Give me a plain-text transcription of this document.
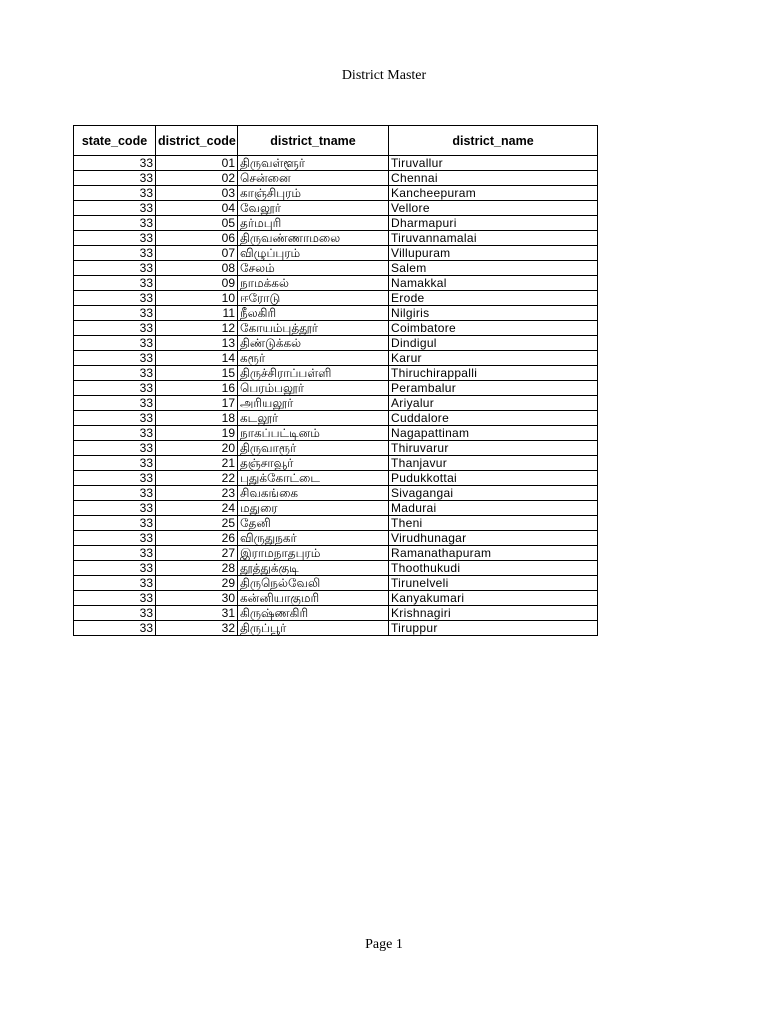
District Master
state_code	district_code	district_tname	district_name
33	01	திருவள்ளூர்	Tiruvallur
33	02	சென்னை	Chennai
33	03	காஞ்சிபுரம்	Kancheepuram
33	04	வேலூர்	Vellore
33	05	தர்மபுரி	Dharmapuri
33	06	திருவண்ணாமலை	Tiruvannamalai
33	07	விழுப்புரம்	Villupuram
33	08	சேலம்	Salem
33	09	நாமக்கல்	Namakkal
33	10	ஈரோடு	Erode
33	11	நீலகிரி	Nilgiris
33	12	கோயம்புத்தூர்	Coimbatore
33	13	திண்டுக்கல்	Dindigul
33	14	கரூர்	Karur
33	15	திருச்சிராப்பள்ளி	Thiruchirappalli
33	16	பெரம்பலூர்	Perambalur
33	17	அரியலூர்	Ariyalur
33	18	கடலூர்	Cuddalore
33	19	நாகப்பட்டினம்	Nagapattinam
33	20	திருவாரூர்	Thiruvarur
33	21	தஞ்சாவூர்	Thanjavur
33	22	புதுக்கோட்டை	Pudukkottai
33	23	சிவகங்கை	Sivagangai
33	24	மதுரை	Madurai
33	25	தேனி	Theni
33	26	விருதுநகர்	Virudhunagar
33	27	இராமநாதபுரம்	Ramanathapuram
33	28	தூத்துக்குடி	Thoothukudi
33	29	திருநெல்வேலி	Tirunelveli
33	30	கன்னியாகுமரி	Kanyakumari
33	31	கிருஷ்ணகிரி	Krishnagiri
33	32	திருப்பூர்	Tiruppur
Page 1
